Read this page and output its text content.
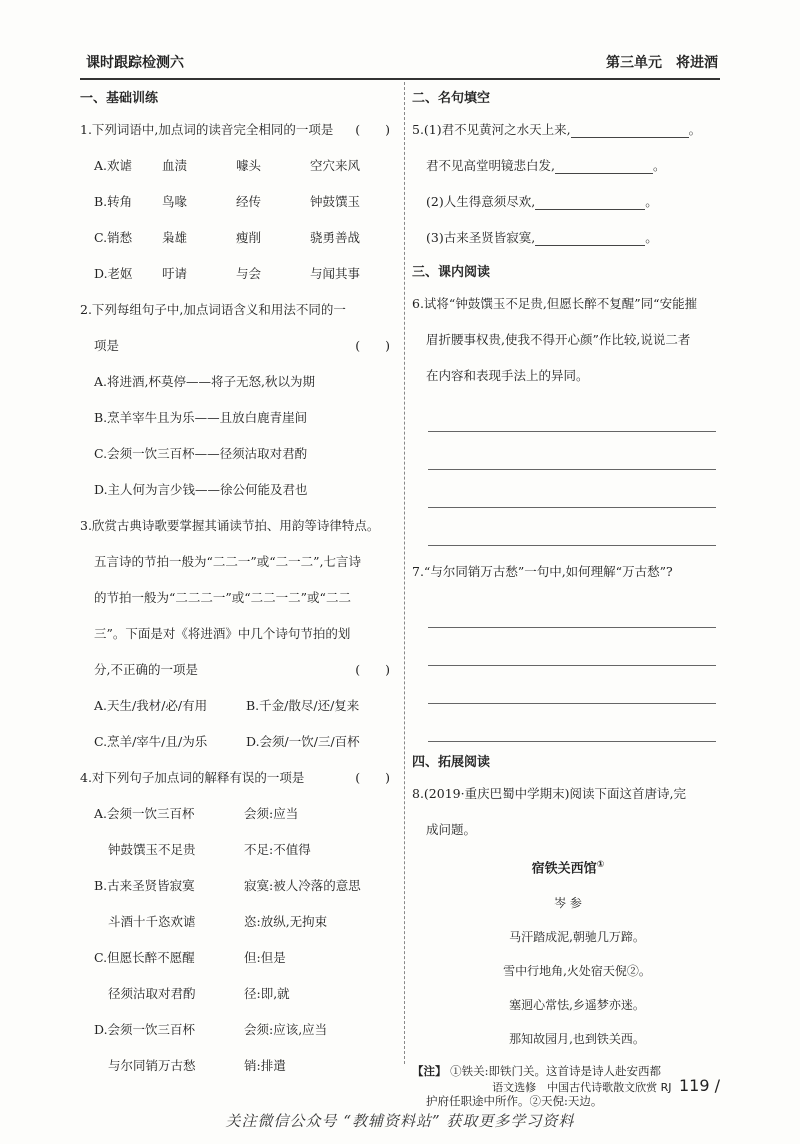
课时跟踪检测六	第三单元　将进酒
一、基础训练
1.下列词语中,加点词的读音完全相同的一项是 (　　)
A.欢谑	血渍	噱头	空穴来风
B.转角	鸟喙	经传	钟鼓馔玉
C.销愁	枭雄	瘦削	骁勇善战
D.老妪	吁请	与会	与闻其事
2.下列每组句子中,加点词语含义和用法不同的一
项是	(　　)
A.将进酒,杯莫停——将子无怒,秋以为期
B.烹羊宰牛且为乐——且放白鹿青崖间
C.会须一饮三百杯——径须沽取对君酌
D.主人何为言少钱——徐公何能及君也
3.欣赏古典诗歌要掌握其诵读节拍、用韵等诗律特点。
五言诗的节拍一般为“二二一”或“二一二”,七言诗
的节拍一般为“二二二一”或“二二一二”或“二二
三”。下面是对《将进酒》中几个诗句节拍的划
分,不正确的一项是	(　　)
A.天生/我材/必/有用	B.千金/散尽/还/复来
C.烹羊/宰牛/且/为乐	D.会须/一饮/三/百杯
4.对下列句子加点词的解释有误的一项是	(　　)
A.会须一饮三百杯	会须:应当
钟鼓馔玉不足贵	不足:不值得
B.古来圣贤皆寂寞	寂寞:被人冷落的意思
斗酒十千恣欢谑	恣:放纵,无拘束
C.但愿长醉不愿醒	但:但是
径须沽取对君酌	径:即,就
D.会须一饮三百杯	会须:应该,应当
与尔同销万古愁	销:排遣
二、名句填空
5.(1)君不见黄河之水天上来,	。
君不见高堂明镜悲白发,	。
(2)人生得意须尽欢,	。
(3)古来圣贤皆寂寞,	。
三、课内阅读
6.试将“钟鼓馔玉不足贵,但愿长醉不复醒”同“安能摧
眉折腰事权贵,使我不得开心颜”作比较,说说二者
在内容和表现手法上的异同。
7.“与尔同销万古愁”一句中,如何理解“万古愁”?
四、拓展阅读
8.(2019·重庆巴蜀中学期末)阅读下面这首唐诗,完
成问题。
宿铁关西馆①
岑 参
马汗踏成泥,朝驰几万蹄。
雪中行地角,火处宿天倪②。
塞迥心常怯,乡遥梦亦迷。
那知故园月,也到铁关西。
【注】 ①铁关:即铁门关。这首诗是诗人赴安西都
护府任职途中所作。②天倪:天边。
语文选修　中国古代诗歌散文欣赏 RJ 119 /
关注微信公众号 “教辅资料站” 获取更多学习资料
